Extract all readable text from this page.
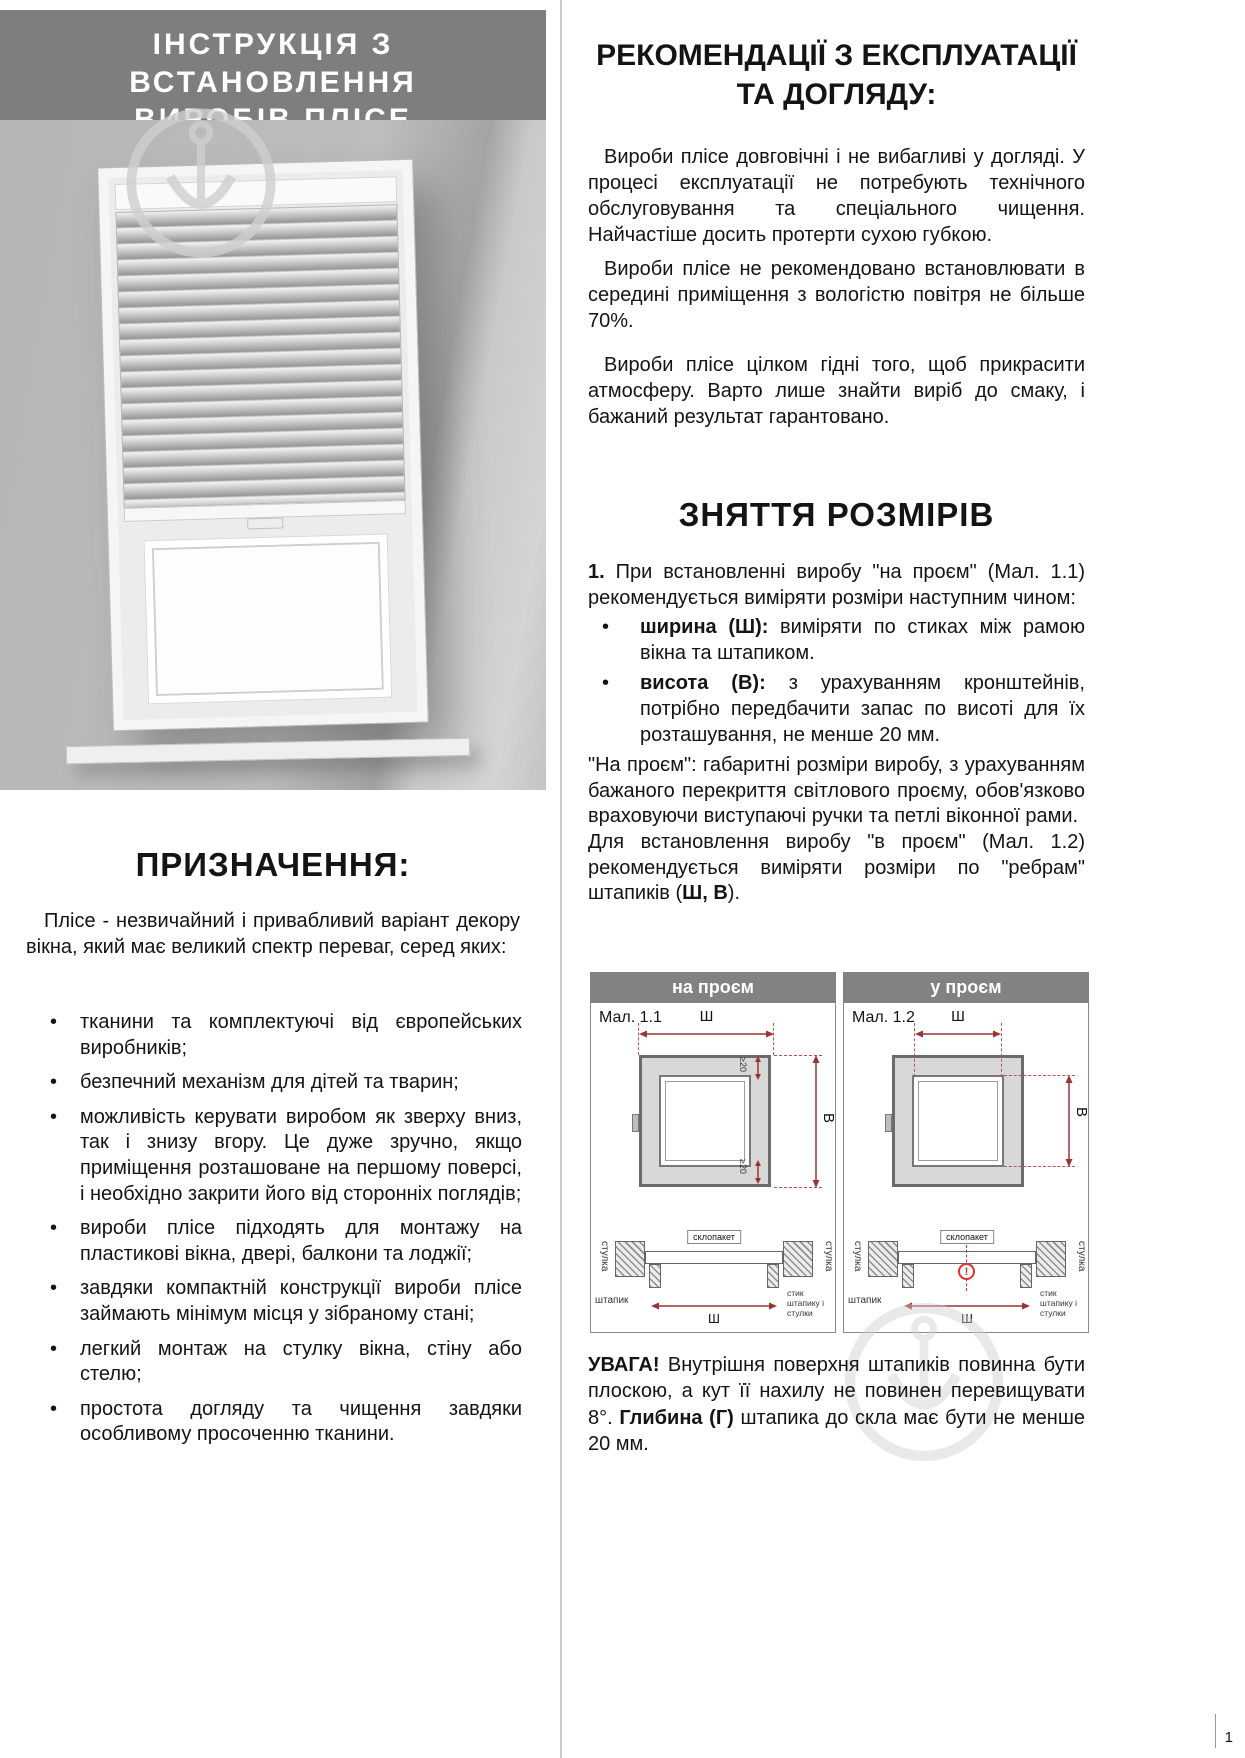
ІНСТРУКЦІЯ З ВСТАНОВЛЕННЯ
ПРИЗНАЧЕННЯ:
Плісе - незвичайний і привабливий варіант декору вікна, який має великий спектр переваг, серед яких:
• тканини та комплектуючі від європейських виробників;
• безпечний механізм для дітей та тварин;
• можливість керувати виробом як зверху вниз, так і знизу вгору. Це дуже зручно, якщо приміщення розташоване на першому поверсі, і необхідно закрити його від сторонніх поглядів;
• вироби плісе підходять для монтажу на пластикові вікна, двері, балкони та лоджії;
• завдяки компактній конструкції вироби плісе займають мінімум місця у зібраному стані;
• легкий монтаж на стулку вікна, стіну або стелю;
• простота догляду та чищення завдяки особливому просоченню тканини.
РЕКОМЕНДАЦІЇ З ЕКСПЛУАТАЦІЇ
ТА ДОГЛЯДУ:

Вироби плісе довговічні і не вибагливі у догляді. У процесі експлуатації не потребують технічного обслуговування та спеціального чищення. Найчастіше досить протерти сухою губкою.

Вироби плісе не рекомендовано встановлювати в середині приміщення з вологістю повітря не більше 70%.

Вироби плісе цілком гідні того, щоб прикрасити атмосферу. Варто лише знайти виріб до смаку, і бажаний результат гарантовано.

ЗНЯТТЯ РОЗМІРІВ
1. При встановленні виробу "на проєм" (Мал. 1.1) рекомендується виміряти розміри наступним чином:
• ширина (Ш): виміряти по стиках між рамою вікна та штапиком.
• висота (В): з урахуванням кронштейнів, потрібно передбачити запас по висоті для їх розташування, не менше 20 мм.
"На проєм": габаритні розміри виробу, з урахуванням бажаного перекриття світлового проєму, обов'язково враховуючи виступаючі ручки та петлі віконної рами.
Для встановлення виробу "в проєм" (Мал. 1.2) рекомендується виміряти розміри по "ребрам" штапиків (Ш, В).
на проєм
Мал. 1.1	Ш
В
≥20
≥20
стулка
склопакет
штапик
Ш
стик штапику і стулки
стулка
у проєм
Мал. 1.2	Ш
В
стулка
склопакет
!
штапик
Ш
стик штапику і стулки
стулка
УВАГА! Внутрішня поверхня штапиків повинна бути плоскою, а кут її нахилу не повинен перевищувати 8°. Глибина (Г) штапика до скла має бути не менше 20 мм.
1
